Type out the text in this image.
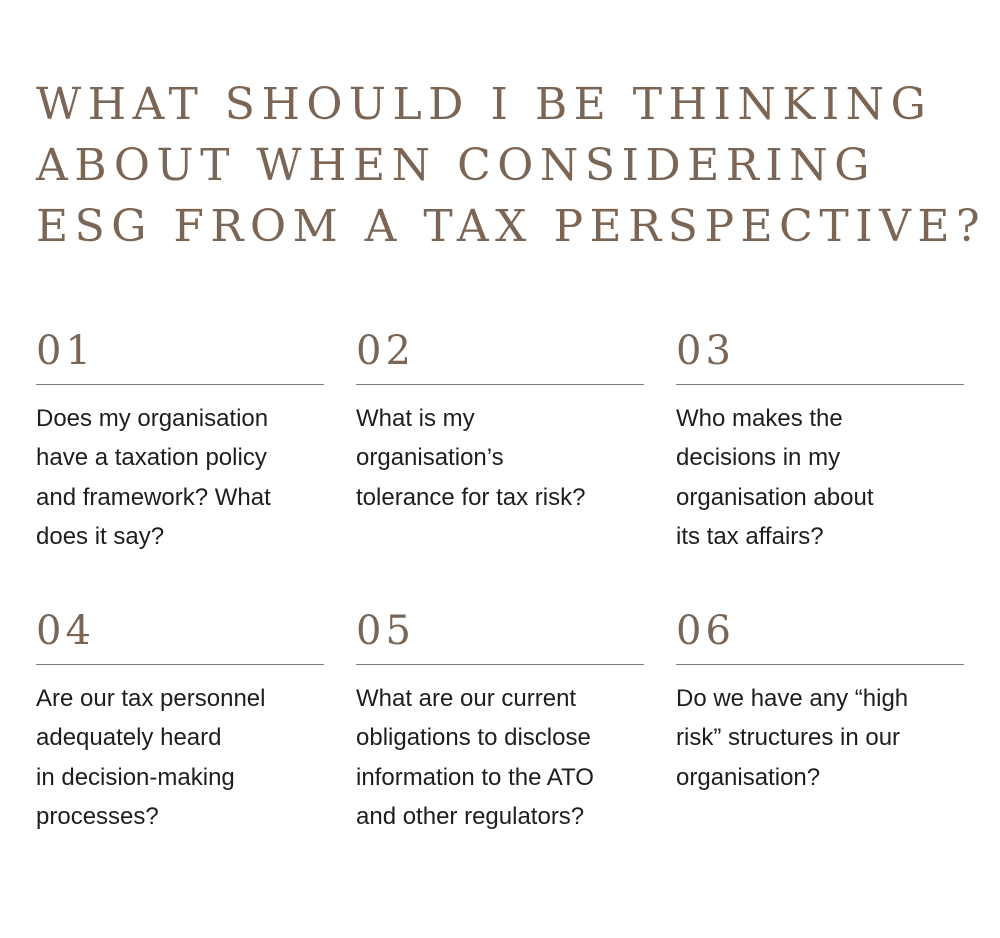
WHAT SHOULD I BE THINKING
ABOUT WHEN CONSIDERING
ESG FROM A TAX PERSPECTIVE?
01

Does my organisation
have a taxation policy
and framework? What
does it say?

02

What is my
organisation’s
tolerance for tax risk?

03

Who makes the
decisions in my
organisation about
its tax affairs?

04

Are our tax personnel
adequately heard
in decision-making
processes?

05

What are our current
obligations to disclose
information to the ATO
and other regulators?

06

Do we have any “high
risk” structures in our
organisation?
